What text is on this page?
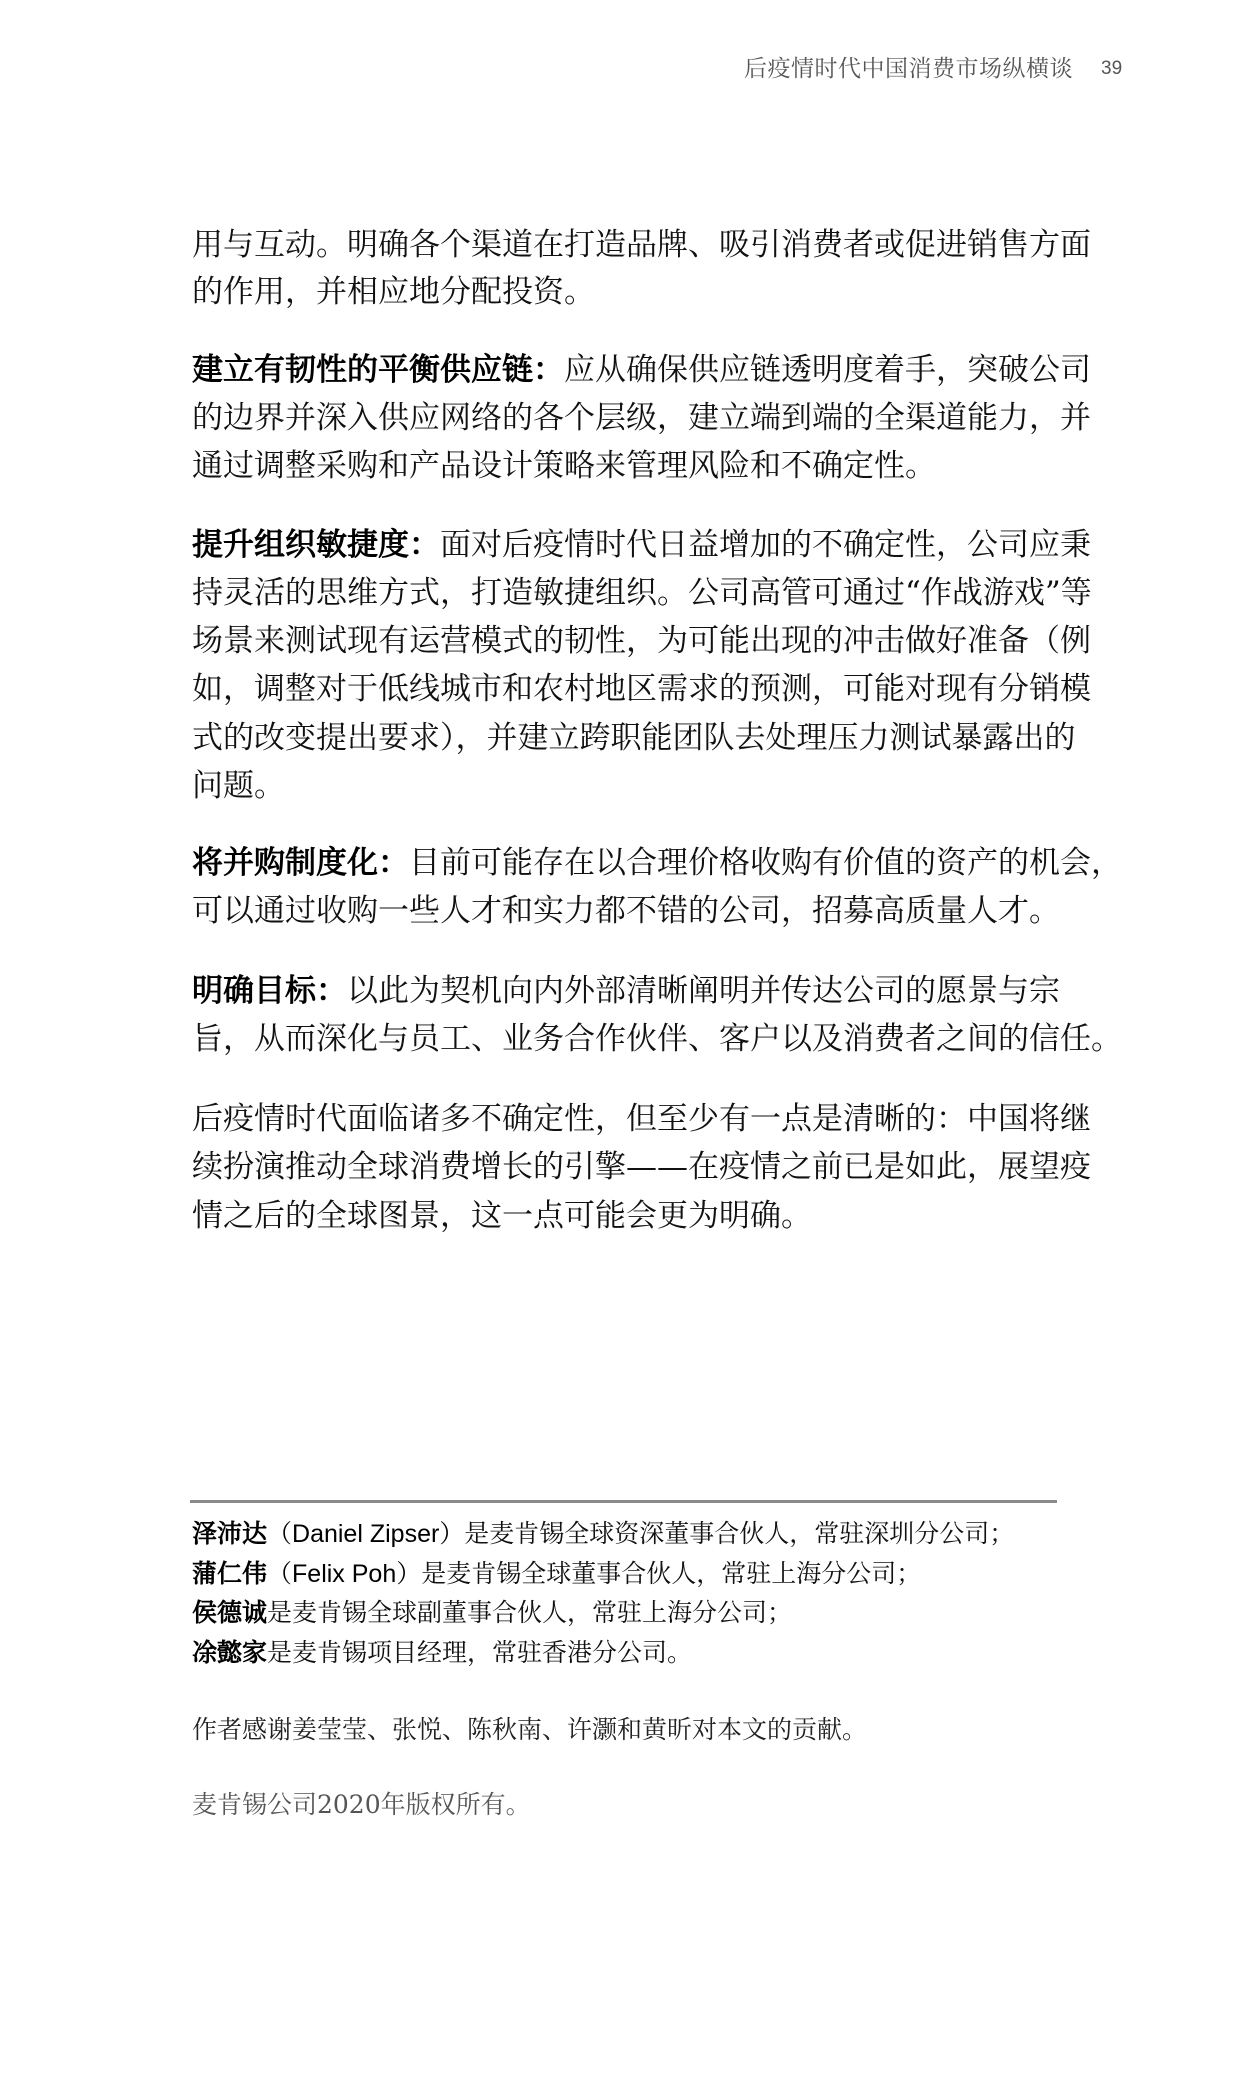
后疫情时代中国消费市场纵横谈 39
用与互动。明确各个渠道在打造品牌、吸引消费者或促进销售方面
的作用，并相应地分配投资。
建立有韧性的平衡供应链：应从确保供应链透明度着手，突破公司
的边界并深入供应网络的各个层级，建立端到端的全渠道能力，并
通过调整采购和产品设计策略来管理风险和不确定性。
提升组织敏捷度：面对后疫情时代日益增加的不确定性，公司应秉
持灵活的思维方式，打造敏捷组织。公司高管可通过“作战游戏”等
场景来测试现有运营模式的韧性，为可能出现的冲击做好准备（例
如，调整对于低线城市和农村地区需求的预测，可能对现有分销模
式的改变提出要求），并建立跨职能团队去处理压力测试暴露出的
问题。
将并购制度化：目前可能存在以合理价格收购有价值的资产的机会，
可以通过收购一些人才和实力都不错的公司，招募高质量人才。
明确目标：以此为契机向内外部清晰阐明并传达公司的愿景与宗
旨，从而深化与员工、业务合作伙伴、客户以及消费者之间的信任。
后疫情时代面临诸多不确定性，但至少有一点是清晰的：中国将继
续扮演推动全球消费增长的引擎——在疫情之前已是如此，展望疫
情之后的全球图景，这一点可能会更为明确。
泽沛达（Daniel Zipser）是麦肯锡全球资深董事合伙人，常驻深圳分公司；
蒲仁伟（Felix Poh）是麦肯锡全球董事合伙人，常驻上海分公司；
侯德诚是麦肯锡全球副董事合伙人，常驻上海分公司；
凃懿家是麦肯锡项目经理，常驻香港分公司。
作者感谢姜莹莹、张悦、陈秋南、许灏和黄昕对本文的贡献。
麦肯锡公司2020年版权所有。
